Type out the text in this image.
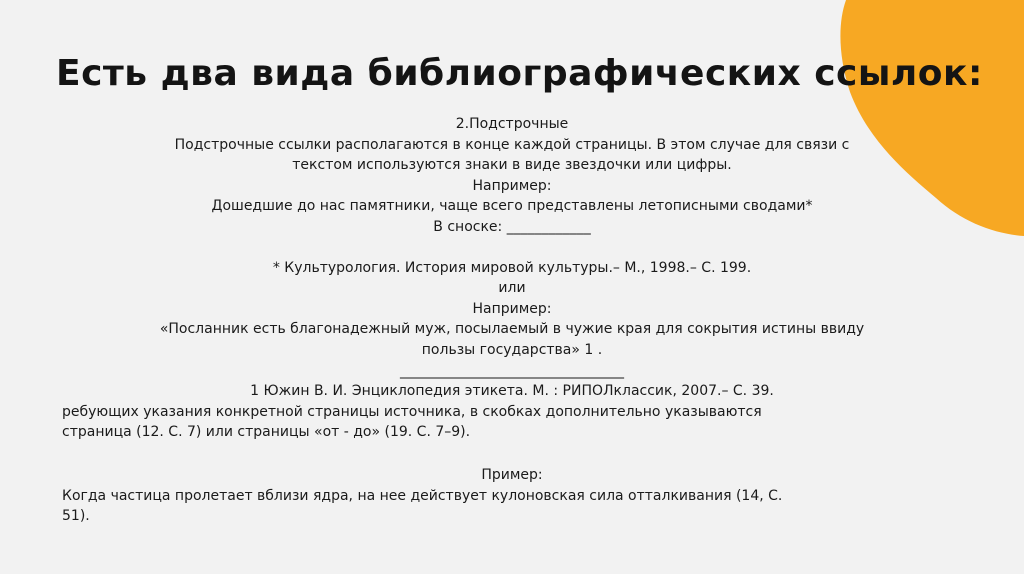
Есть два вида библиографических ссылок:

2.Подстрочные

Подстрочные ссылки располагаются в конце каждой страницы. В этом случае для связи с

текстом используются знаки в виде звездочки или цифры.

Например:

Дошедшие до нас памятники, чаще всего представлены летописными сводами*

В сноске: ____________

* Культурология. История мировой культуры.– М., 1998.– С. 199.

или

Например:

«Посланник есть благонадежный муж, посылаемый в чужие края для сокрытия истины ввиду

пользы государства» 1 .

________________________________

1 Южин В. И. Энциклопедия этикета. М. : РИПОЛклассик, 2007.– С. 39.

ребующих указания конкретной страницы источника, в скобках дополнительно указываются

страница (12. С. 7) или страницы «от - до» (19. С. 7–9).

Пример:

Когда частица пролетает вблизи ядра, на нее действует кулоновская сила отталкивания (14, С.

51).
